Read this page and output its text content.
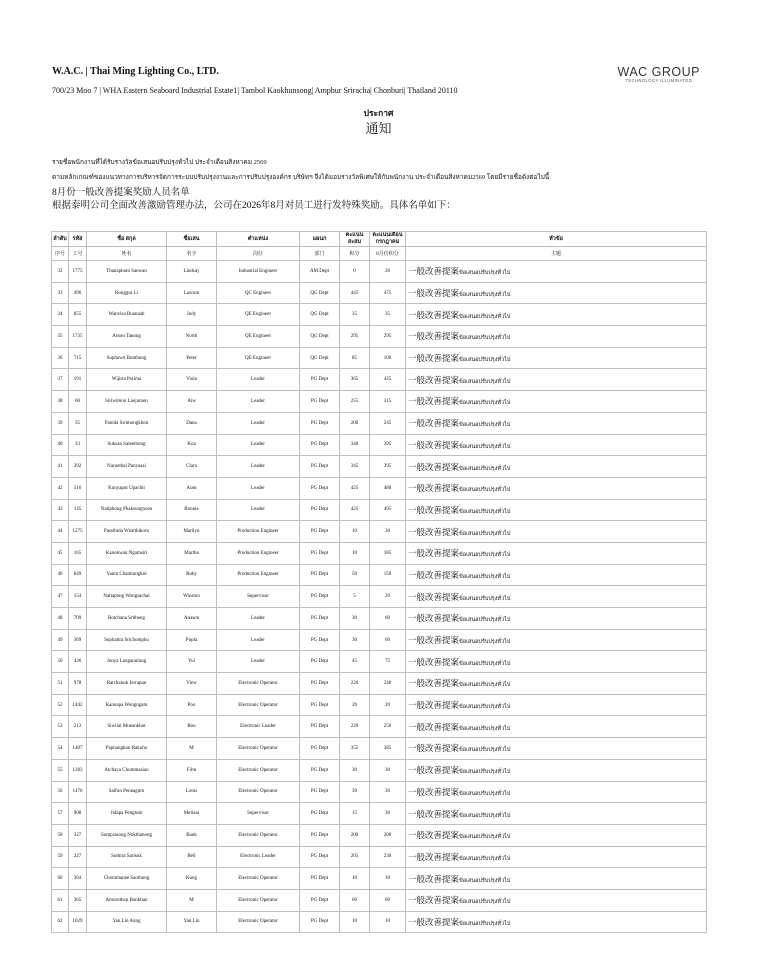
W.A.C. | Thai Ming Lighting Co., LTD.
700/23 Moo 7 | WHA Eastern Seaboard Industrial Estate1| Tambol Kaokhunsong| Amphur Sriracha| Chonburi| Thailand 20110
WAC GROUP
TECHNOLOGY ILLUMINATED
ประกาศ
通知
รายชื่อพนักงานที่ได้รับรางวัลข้อเสนอปรับปรุงทั่วไป ประจำเดือนสิงหาคม 2569
ตามหลักเกณฑ์ของแนวทางการบริหารจัดการระบบปรับปรุงงานและการปรับปรุงองค์กร บริษัทฯ จึงได้มอบรางวัลพิเศษให้กับพนักงาน ประจำเดือนสิงหาคม2569 โดยมีรายชื่อดังต่อไปนี้
8月份一般改善提案奖励人员名单
根据泰明公司全面改善激励管理办法，公司在2026年8月对员工进行发特殊奖励。具体名单如下：
ลำดับ	รหัส	ชื่อ สกุล	ชื่อเล่น	ตำแหน่ง	แผนก	คะแนน สะสม	คะแนนเดือน กรกฎาคม	หัวข้อ
序号	工号	姓名	名字	岗位	部门	积分	8月份积分	主题
32	1775	Thanaphum Saewan	Lindsay	Industrial Engineer	AM Dept	0	20	一般改善提案ข้อเสนอปรับปรุงทั่วไป
33	496	Ronggui Li	Lawson	QC Engineer	QG Dept	445	475	一般改善提案ข้อเสนอปรับปรุงทั่วไป
34	855	Wanvisa Buanaab	Judy	QE Engineer	QG Dept	35	35	一般改善提案ข้อเสนอปรับปรุงทั่วไป
35	1735	Arnon Tanong	North	QE Engineer	QG Dept	295	295	一般改善提案ข้อเสนอปรับปรุงทั่วไป
36	715	Suphawit Bunthong	Peter	QE Engineer	QG Dept	85	100	一般改善提案ข้อเสนอปรับปรุงทั่วไป
37	191	Wijitra Potima	Viola	Leader	PG Dept	365	425	一般改善提案ข้อเสนอปรับปรุงทั่วไป
38	60	Siriwimon Laojaroen	Aiw	Leader	PG Dept	255	315	一般改善提案ข้อเสนอปรับปรุงทั่วไป
39	35	Panida Sirimongkhon	Dana	Leader	PG Dept	200	245	一般改善提案ข้อเสนอปรับปรุงทั่วไป
40	33	Suksan Saleethong	Koa	Leader	PG Dept	340	395	一般改善提案ข้อเสนอปรับปรุงทั่วไป
41	392	Naruethai Panyasai	Clara	Leader	PG Dept	345	395	一般改善提案ข้อเสนอปรับปรุงทั่วไป
42	516	Kunyaput Upachit	Aom	Leader	PG Dept	425	480	一般改善提案ข้อเสนอปรับปรุงทั่วไป
43	145	Natiphong Phaksungnoen	Ronnie	Leader	PG Dept	425	495	一般改善提案ข้อเสนอปรับปรุงทั่วไป
44	1275	Passthida Wisitthikorn	Marilyn	Production Engineer	PG Dept	10	30	一般改善提案ข้อเสนอปรับปรุงทั่วไป
45	165	Kanokwan Ngamsiri	Martha	Production Engineer	PG Dept	10	185	一般改善提案ข้อเสนอปรับปรุงทั่วไป
46	849	Yanin Chaimongkol	Ruby	Production Engineer	PG Dept	50	150	一般改善提案ข้อเสนอปรับปรุงทั่วไป
47	154	Nattapong Wongsachai	Winston	Supervisor	PG Dept	5	20	一般改善提案ข้อเสนอปรับปรุงทั่วไป
48	709	Rotchana Sritheng	Anason	Leader	PG Dept	30	60	一般改善提案ข้อเสนอปรับปรุงทั่วไป
49	369	Suphattra Srichomphu	Popla	Leader	PG Dept	30	60	一般改善提案ข้อเสนอปรับปรุงทั่วไป
50	436	Junya Laoganuluug	Yui	Leader	PG Dept	45	75	一般改善提案ข้อเสนอปรับปรุงทั่วไป
51	978	Ratchanok Jerrapan	View	Electronic Operator	PG Dept	220	240	一般改善提案ข้อเสนอปรับปรุงทั่วไป
52	1442	Kannapa Wongngam	Poo	Electronic Operator	PG Dept	20	20	一般改善提案ข้อเสนอปรับปรุงทั่วไป
53	213	Siwilai Mueankhot	Bou	Electronic Leader	PG Dept	220	250	一般改善提案ข้อเสนอปรับปรุงทั่วไป
54	1407	Paphangkon Rakoho	M	Electronic Operator	PG Dept	355	385	一般改善提案ข้อเสนอปรับปรุงทั่วไป
55	1283	Atchaya Chummasiao	Film	Electronic Operator	PG Dept	30	30	一般改善提案ข้อเสนอปรับปรุงทั่วไป
56	1476	Saifon Pennagum	Lotus	Electronic Operator	PG Dept	30	30	一般改善提案ข้อเสนอปรับปรุงทั่วไป
57	908	Jidapa Pengtum	Melissa	Supervisor	PG Dept	15	30	一般改善提案ข้อเสนอปรับปรุงทั่วไป
58	327	Somprasong Nokthanong	Bank	Electronic Operator	PG Dept	200	200	一般改善提案ข้อเสนอปรับปรุงทั่วไป
59	227	Sothira Sarisuk	Bell	Electronic Leader	PG Dept	205	230	一般改善提案ข้อเสนอปรับปรุงทั่วไป
60	304	Chommanee Saothong	Kung	Electronic Operator	PG Dept	10	10	一般改善提案ข้อเสนอปรับปรุงทั่วไป
61	365	Amornthep Bunkhan	M	Electronic Operator	PG Dept	60	60	一般改善提案ข้อเสนอปรับปรุงทั่วไป
62	1029	Yan Lin Aung	Yan Lin	Electronic Operator	PG Dept	10	10	一般改善提案ข้อเสนอปรับปรุงทั่วไป
